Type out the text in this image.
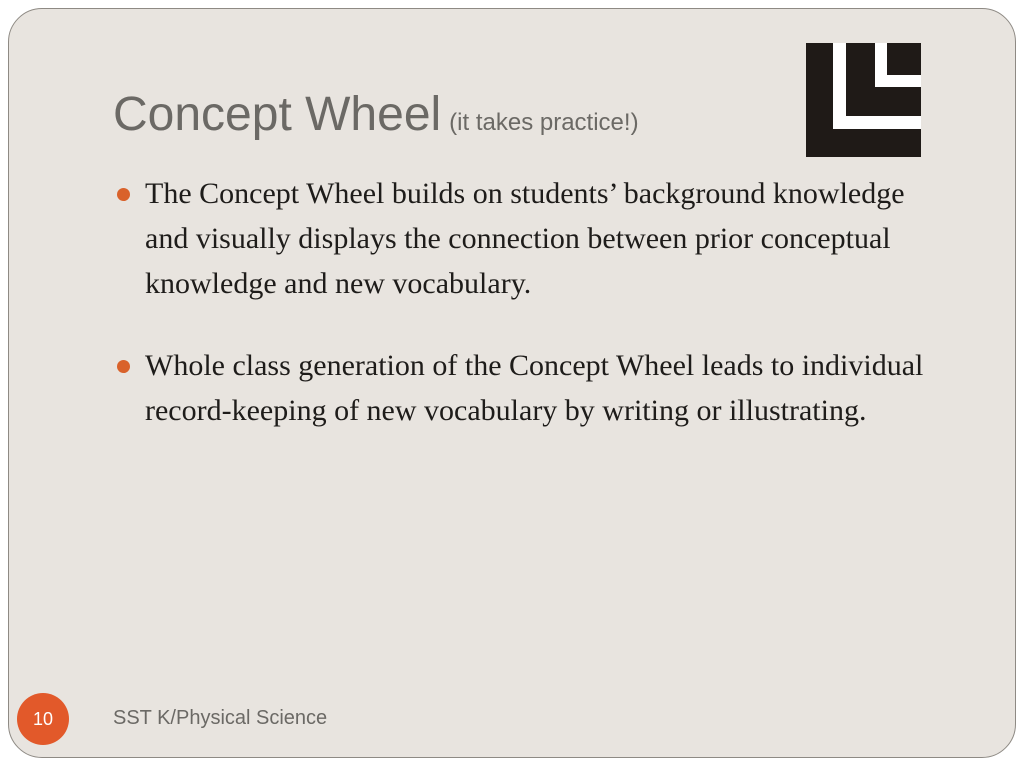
Concept Wheel (it takes practice!)
The Concept Wheel builds on students’ background knowledge and visually displays the connection between prior conceptual knowledge and new vocabulary.
Whole class generation of the Concept Wheel leads to individual record-keeping of new vocabulary by writing or illustrating.
10	SST K/Physical Science
